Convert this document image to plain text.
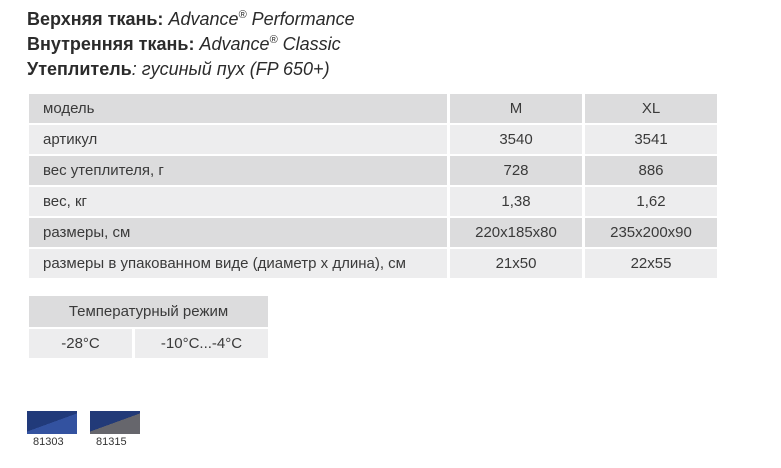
Верхняя ткань: Advance® Performance
Внутренняя ткань: Advance® Classic
Утеплитель: гусиный пух (FP 650+)
модель	M	XL
артикул	3540	3541
вес утеплителя, г	728	886
вес, кг	1,38	1,62
размеры, см	220x185x80	235x200x90
размеры в упакованном виде (диаметр х длина), см	21x50	22x55
Температурный режим
-28°C	-10°C...-4°C
81303	81315
